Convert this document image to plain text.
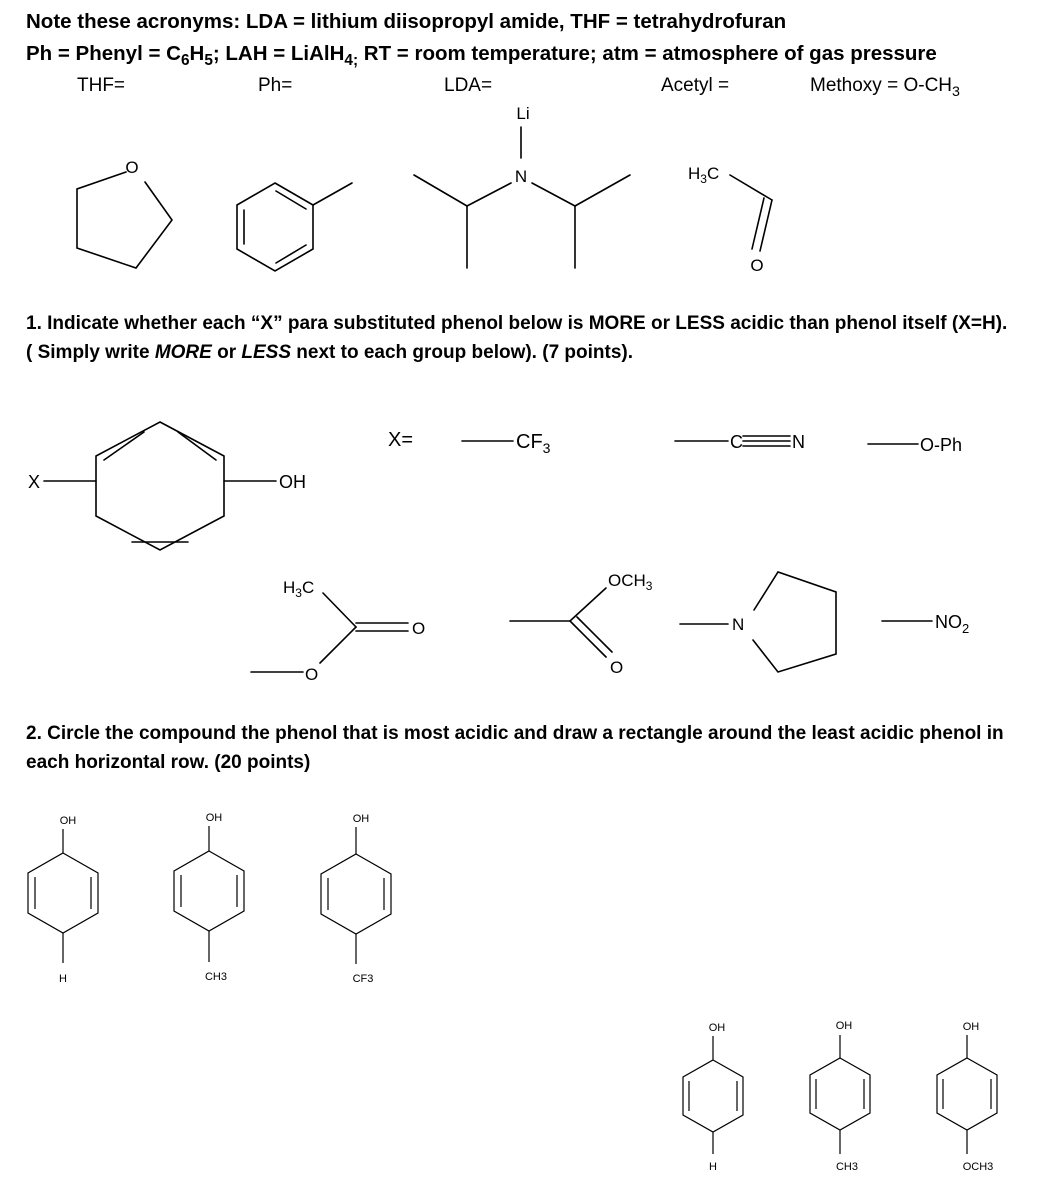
Note these acronyms: LDA = lithium diisopropyl amide, THF = tetrahydrofuran
Ph = Phenyl = $C_6H_5$; LAH = LiAlH$_{4;}$ RT = room temperature; atm = atmosphere of gas pressure
THF=	Ph=	LDA=	Acetyl =	Methoxy = $O-CH_3$
1. Indicate whether each “X” para substituted phenol below is MORE or LESS acidic than phenol itself (X=H). ( Simply write MORE or LESS next to each group below). (7 points).
2. Circle the compound the phenol that is most acidic and draw a rectangle around the least acidic phenol in each horizontal row. (20 points)
O
Li
N	$H_3C$
O
X	OH
X=	$CF_3$	C	N	O-Ph
$H_3C$
O
O
$OCH_3$
O
N	$NO_2$
OH
H
OH
CH3
OH
CF3
OH
H
OH
CH3
OH
OCH3
